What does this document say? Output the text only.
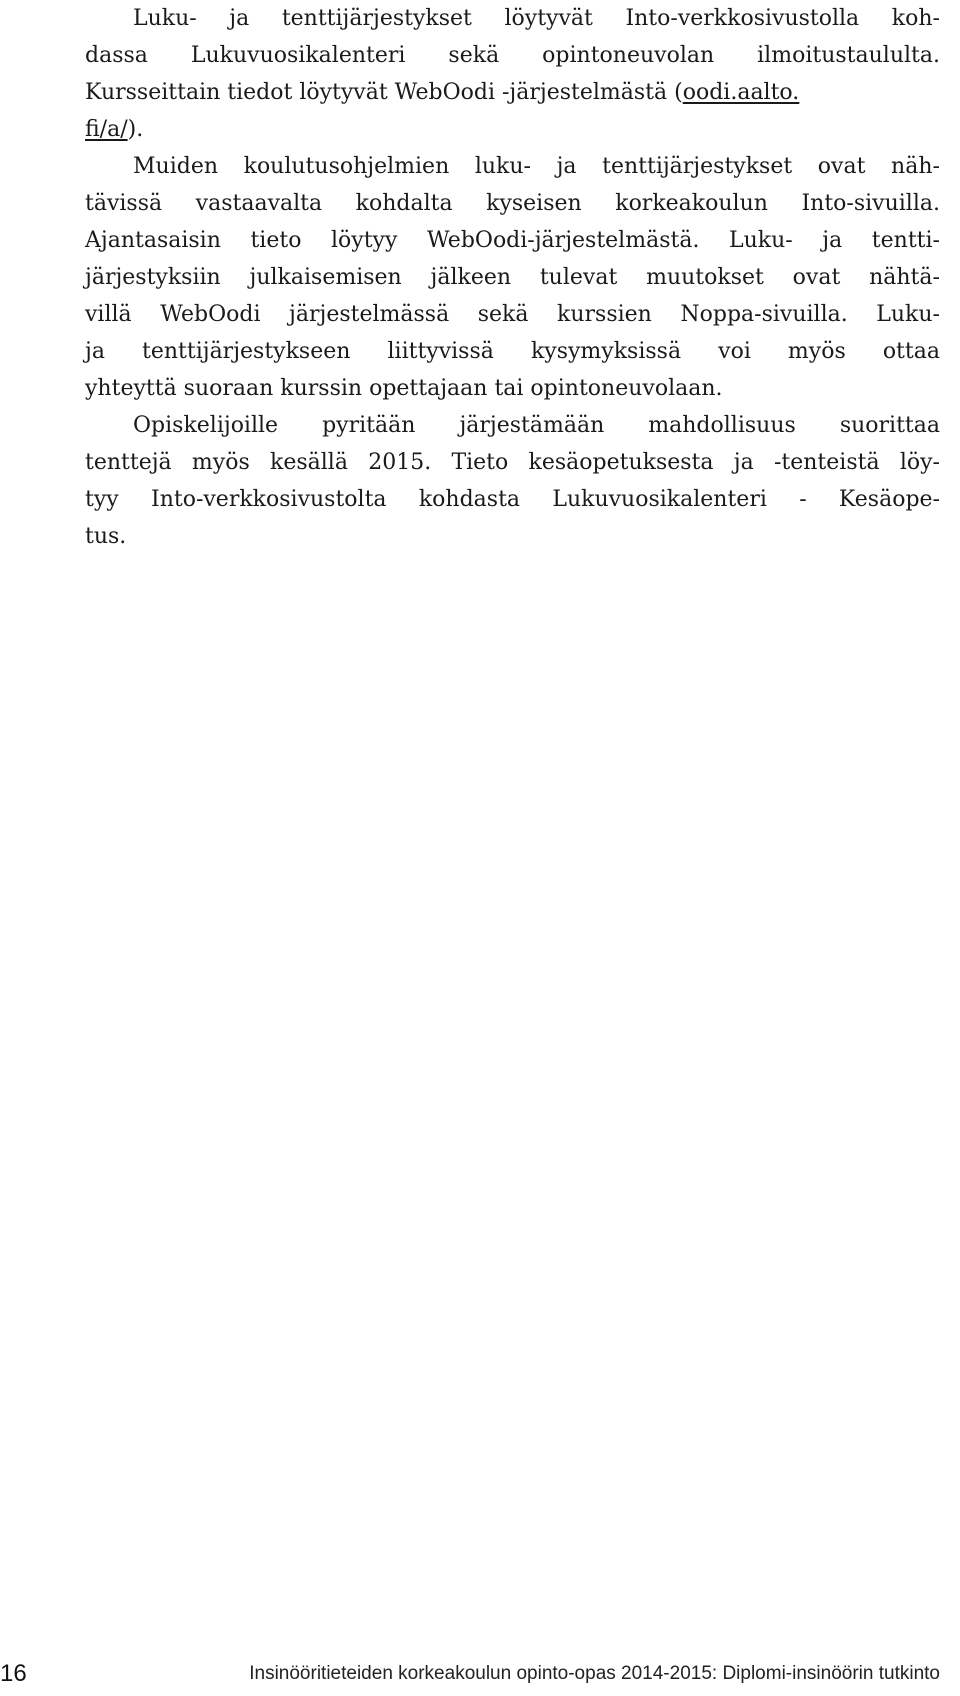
Luku- ja tenttijärjestykset löytyvät Into-verkkosivustolla koh-
dassa Lukuvuosikalenteri sekä opintoneuvolan ilmoitustaululta.
Kursseittain tiedot löytyvät WebOodi -järjestelmästä (oodi.aalto.
fi/a/).
Muiden koulutusohjelmien luku- ja tenttijärjestykset ovat näh-
tävissä vastaavalta kohdalta kyseisen korkeakoulun Into-sivuilla.
Ajantasaisin tieto löytyy WebOodi-järjestelmästä. Luku- ja tentti-
järjestyksiin julkaisemisen jälkeen tulevat muutokset ovat nähtä-
villä WebOodi järjestelmässä sekä kurssien Noppa-sivuilla. Luku-
ja tenttijärjestykseen liittyvissä kysymyksissä voi myös ottaa
yhteyttä suoraan kurssin opettajaan tai opintoneuvolaan.
Opiskelijoille pyritään järjestämään mahdollisuus suorittaa
tenttejä myös kesällä 2015. Tieto kesäopetuksesta ja -tenteistä löy-
tyy Into-verkkosivustolta kohdasta Lukuvuosikalenteri - Kesäope-
tus.
16	Insinööritieteiden korkeakoulun opinto-opas 2014-2015: Diplomi-insinöörin tutkinto
